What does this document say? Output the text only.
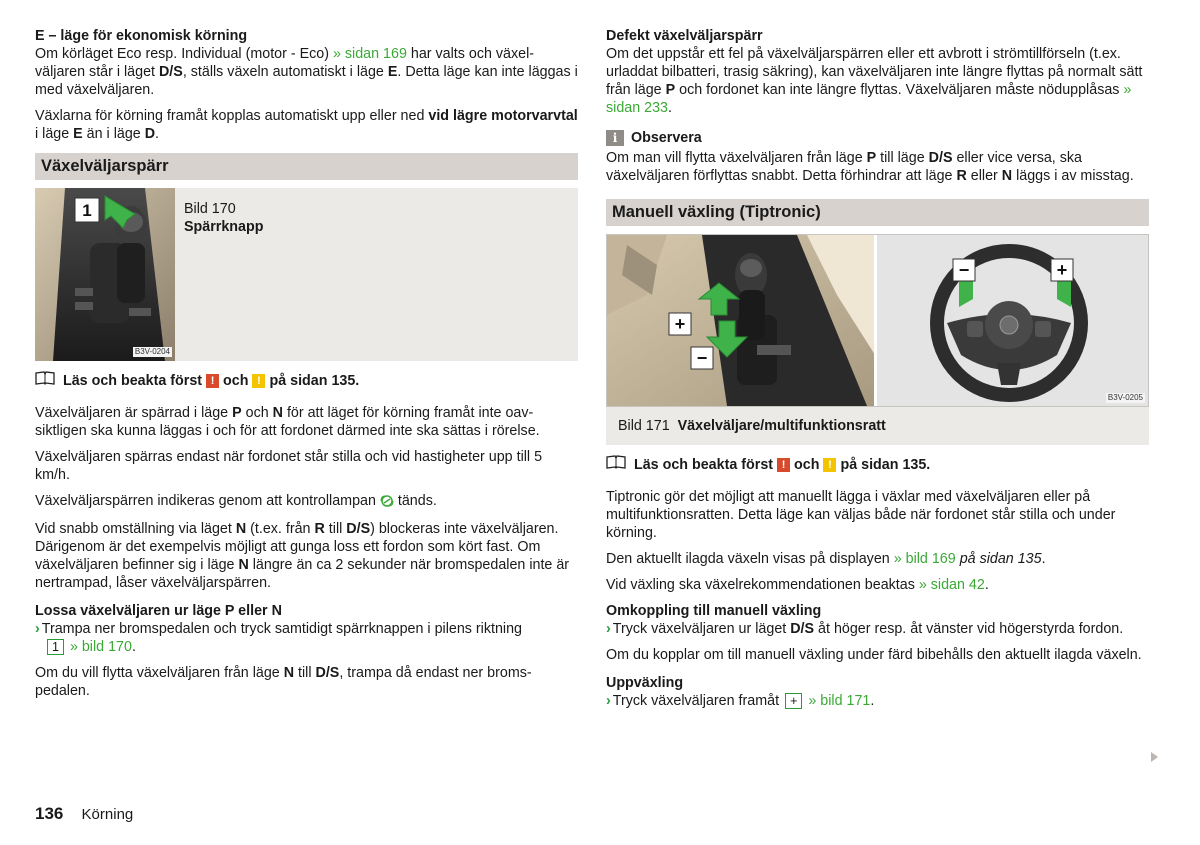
E – läge för ekonomisk körning

Om körläget Eco resp. Individual (motor - Eco) » sidan 169 har valts och växelväljaren står i läget D/S, ställs växeln automatiskt i läge E. Detta läge kan inte läggas i med växelväljaren.

Växlarna för körning framåt kopplas automatiskt upp eller ned vid lägre motorvarvtal i läge E än i läge D.

Växelväljarspärr
1
B3V-0204
Bild 170
Spärrknapp
Läs och beakta först ! och ! på sidan 135.

Växelväljaren är spärrad i läge P och N för att läget för körning framåt inte oavsiktligen ska kunna läggas i och för att fordonet därmed inte ska sättas i rörelse.

Växelväljaren spärras endast när fordonet står stilla och vid hastigheter upp till 5 km/h.

Växelväljarspärren indikeras genom att kontrollampan  tänds.

Vid snabb omställning via läget N (t.ex. från R till D/S) blockeras inte växelväljaren. Därigenom är det exempelvis möjligt att gunga loss ett fordon som kört fast. Om växelväljaren befinner sig i läge N längre än ca 2 sekunder när bromspedalen inte är nertrampad, låser växelväljarspärren.

Lossa växelväljaren ur läge P eller N
› Trampa ner bromspedalen och tryck samtidigt spärrknappen i pilens riktning
1 » bild 170.

Om du vill flytta växelväljaren från läge N till D/S, trampa då endast ner bromspedalen.

Defekt växelväljarspärr

Om det uppstår ett fel på växelväljarspärren eller ett avbrott i strömtillförseln (t.ex. urladdat bilbatteri, trasig säkring), kan växelväljaren inte längre flyttas på normalt sätt från läge P och fordonet kan inte längre flyttas. Växelväljaren måste nödupplåsas » sidan 233.

i Observera

Om man vill flytta växelväljaren från läge P till läge D/S eller vice versa, ska växelväljaren förflyttas snabbt. Detta förhindrar att läge R eller N läggs i av misstag.

Manuell växling (Tiptronic)
+
−
−	+
B3V-0205
Bild 171 Växelväljare/multifunktionsratt
Läs och beakta först ! och ! på sidan 135.

Tiptronic gör det möjligt att manuellt lägga i växlar med växelväljaren eller på multifunktionsratten. Detta läge kan väljas både när fordonet står stilla och under körning.

Den aktuellt ilagda växeln visas på displayen » bild 169 på sidan 135.

Vid växling ska växelrekommendationen beaktas » sidan 42.

Omkoppling till manuell växling
› Tryck växelväljaren ur läget D/S åt höger resp. åt vänster vid högerstyrda fordon.

Om du kopplar om till manuell växling under färd bibehålls den aktuellt ilagda växeln.

Uppväxling
› Tryck växelväljaren framåt + » bild 171.
136 Körning
